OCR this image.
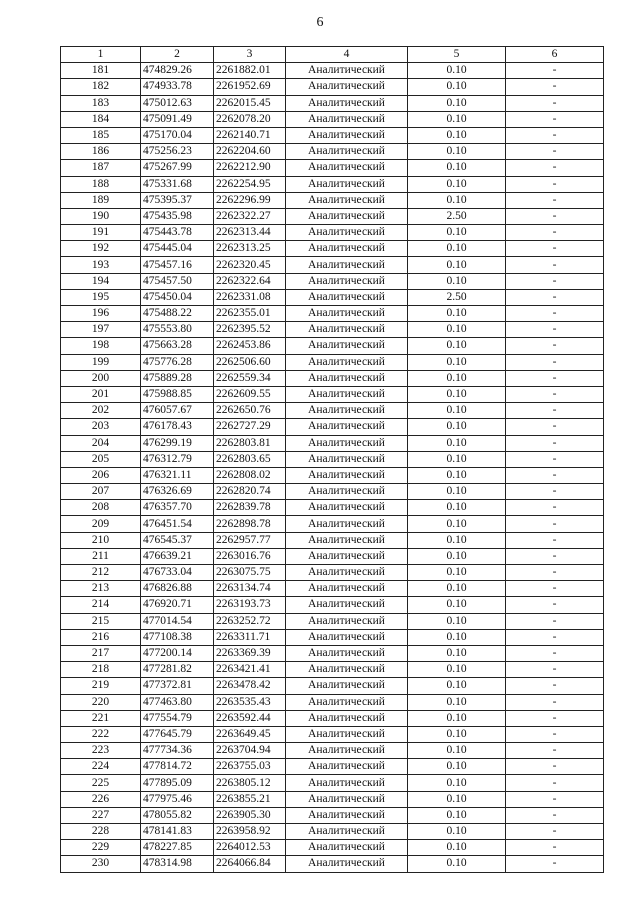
6
1	2	3	4	5	6
181	474829.26	2261882.01	Аналитический	0.10	-
182	474933.78	2261952.69	Аналитический	0.10	-
183	475012.63	2262015.45	Аналитический	0.10	-
184	475091.49	2262078.20	Аналитический	0.10	-
185	475170.04	2262140.71	Аналитический	0.10	-
186	475256.23	2262204.60	Аналитический	0.10	-
187	475267.99	2262212.90	Аналитический	0.10	-
188	475331.68	2262254.95	Аналитический	0.10	-
189	475395.37	2262296.99	Аналитический	0.10	-
190	475435.98	2262322.27	Аналитический	2.50	-
191	475443.78	2262313.44	Аналитический	0.10	-
192	475445.04	2262313.25	Аналитический	0.10	-
193	475457.16	2262320.45	Аналитический	0.10	-
194	475457.50	2262322.64	Аналитический	0.10	-
195	475450.04	2262331.08	Аналитический	2.50	-
196	475488.22	2262355.01	Аналитический	0.10	-
197	475553.80	2262395.52	Аналитический	0.10	-
198	475663.28	2262453.86	Аналитический	0.10	-
199	475776.28	2262506.60	Аналитический	0.10	-
200	475889.28	2262559.34	Аналитический	0.10	-
201	475988.85	2262609.55	Аналитический	0.10	-
202	476057.67	2262650.76	Аналитический	0.10	-
203	476178.43	2262727.29	Аналитический	0.10	-
204	476299.19	2262803.81	Аналитический	0.10	-
205	476312.79	2262803.65	Аналитический	0.10	-
206	476321.11	2262808.02	Аналитический	0.10	-
207	476326.69	2262820.74	Аналитический	0.10	-
208	476357.70	2262839.78	Аналитический	0.10	-
209	476451.54	2262898.78	Аналитический	0.10	-
210	476545.37	2262957.77	Аналитический	0.10	-
211	476639.21	2263016.76	Аналитический	0.10	-
212	476733.04	2263075.75	Аналитический	0.10	-
213	476826.88	2263134.74	Аналитический	0.10	-
214	476920.71	2263193.73	Аналитический	0.10	-
215	477014.54	2263252.72	Аналитический	0.10	-
216	477108.38	2263311.71	Аналитический	0.10	-
217	477200.14	2263369.39	Аналитический	0.10	-
218	477281.82	2263421.41	Аналитический	0.10	-
219	477372.81	2263478.42	Аналитический	0.10	-
220	477463.80	2263535.43	Аналитический	0.10	-
221	477554.79	2263592.44	Аналитический	0.10	-
222	477645.79	2263649.45	Аналитический	0.10	-
223	477734.36	2263704.94	Аналитический	0.10	-
224	477814.72	2263755.03	Аналитический	0.10	-
225	477895.09	2263805.12	Аналитический	0.10	-
226	477975.46	2263855.21	Аналитический	0.10	-
227	478055.82	2263905.30	Аналитический	0.10	-
228	478141.83	2263958.92	Аналитический	0.10	-
229	478227.85	2264012.53	Аналитический	0.10	-
230	478314.98	2264066.84	Аналитический	0.10	-
